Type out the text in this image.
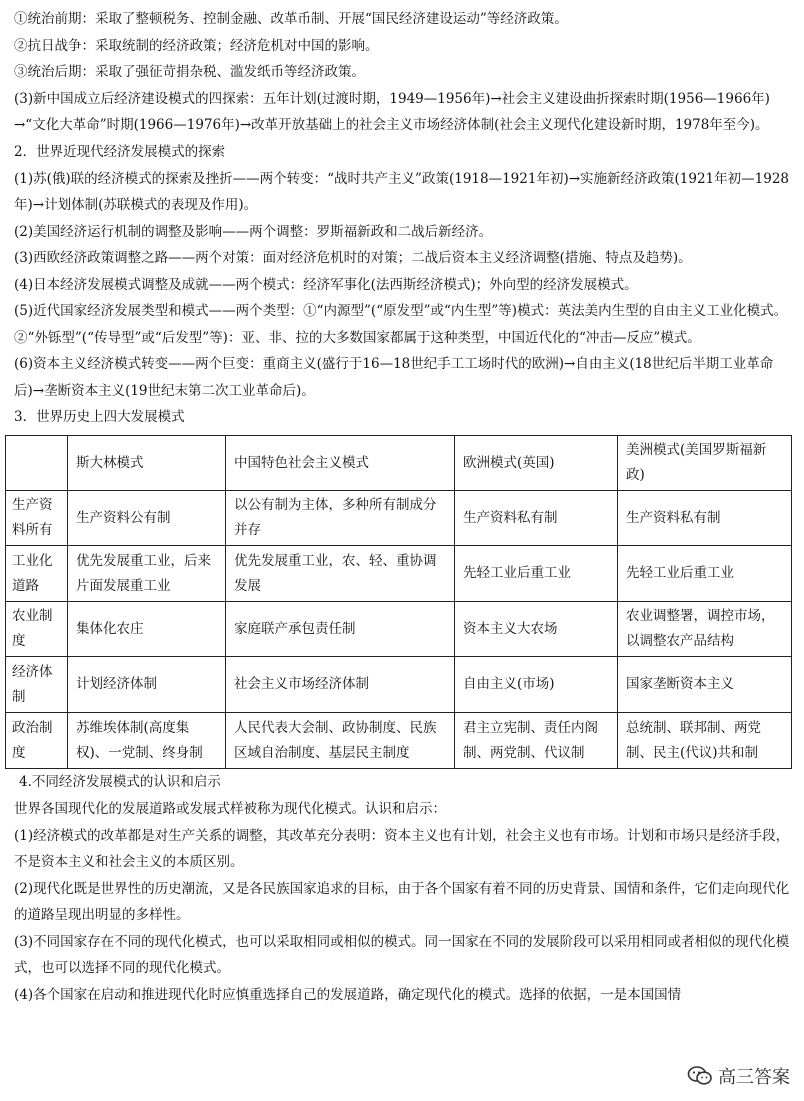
①统治前期：采取了整顿税务、控制金融、改革币制、开展“国民经济建设运动”等经济政策。

②抗日战争：采取统制的经济政策；经济危机对中国的影响。

③统治后期：采取了强征苛捐杂税、滥发纸币等经济政策。

(3)新中国成立后经济建设模式的四探索：五年计划(过渡时期，1949—1956年)→社会主义建设曲折探索时期(1956—1966年)→“文化大革命”时期(1966—1976年)→改革开放基础上的社会主义市场经济体制(社会主义现代化建设新时期，1978年至今)。

2．世界近现代经济发展模式的探索

(1)苏(俄)联的经济模式的探索及挫折——两个转变：“战时共产主义”政策(1918—1921年初)→实施新经济政策(1921年初—1928年)→计划体制(苏联模式的表现及作用)。

(2)美国经济运行机制的调整及影响——两个调整：罗斯福新政和二战后新经济。

(3)西欧经济政策调整之路——两个对策：面对经济危机时的对策；二战后资本主义经济调整(措施、特点及趋势)。

(4)日本经济发展模式调整及成就——两个模式：经济军事化(法西斯经济模式)；外向型的经济发展模式。

(5)近代国家经济发展类型和模式——两个类型：①“内源型”(“原发型”或“内生型”等)模式：英法美内生型的自由主义工业化模式。②“外铄型”(“传导型”或“后发型”等)：亚、非、拉的大多数国家都属于这种类型，中国近代化的“冲击—反应”模式。

(6)资本主义经济模式转变——两个巨变：重商主义(盛行于16—18世纪手工工场时代的欧洲)→自由主义(18世纪后半期工业革命后)→垄断资本主义(19世纪末第二次工业革命后)。

3．世界历史上四大发展模式

	斯大林模式	中国特色社会主义模式	欧洲模式(英国)	美洲模式(美国罗斯福新政)
生产资料所有	生产资料公有制	以公有制为主体，多种所有制成分并存	生产资料私有制	生产资料私有制
工业化道路	优先发展重工业，后来片面发展重工业	优先发展重工业，农、轻、重协调发展	先轻工业后重工业	先轻工业后重工业
农业制度	集体化农庄	家庭联产承包责任制	资本主义大农场	农业调整署，调控市场，以调整农产品结构
经济体制	计划经济体制	社会主义市场经济体制	自由主义(市场)	国家垄断资本主义
政治制度	苏维埃体制(高度集权)、一党制、终身制	人民代表大会制、政协制度、民族区域自治制度、基层民主制度	君主立宪制、责任内阁制、两党制、代议制	总统制、联邦制、两党制、民主(代议)共和制

4.不同经济发展模式的认识和启示

世界各国现代化的发展道路或发展式样被称为现代化模式。认识和启示：

(1)经济模式的改革都是对生产关系的调整，其改革充分表明：资本主义也有计划，社会主义也有市场。计划和市场只是经济手段，不是资本主义和社会主义的本质区别。

(2)现代化既是世界性的历史潮流，又是各民族国家追求的目标，由于各个国家有着不同的历史背景、国情和条件，它们走向现代化的道路呈现出明显的多样性。

(3)不同国家存在不同的现代化模式，也可以采取相同或相似的模式。同一国家在不同的发展阶段可以采用相同或者相似的现代化模式，也可以选择不同的现代化模式。

(4)各个国家在启动和推进现代化时应慎重选择自己的发展道路，确定现代化的模式。选择的依据，一是本国国情

高三答案
